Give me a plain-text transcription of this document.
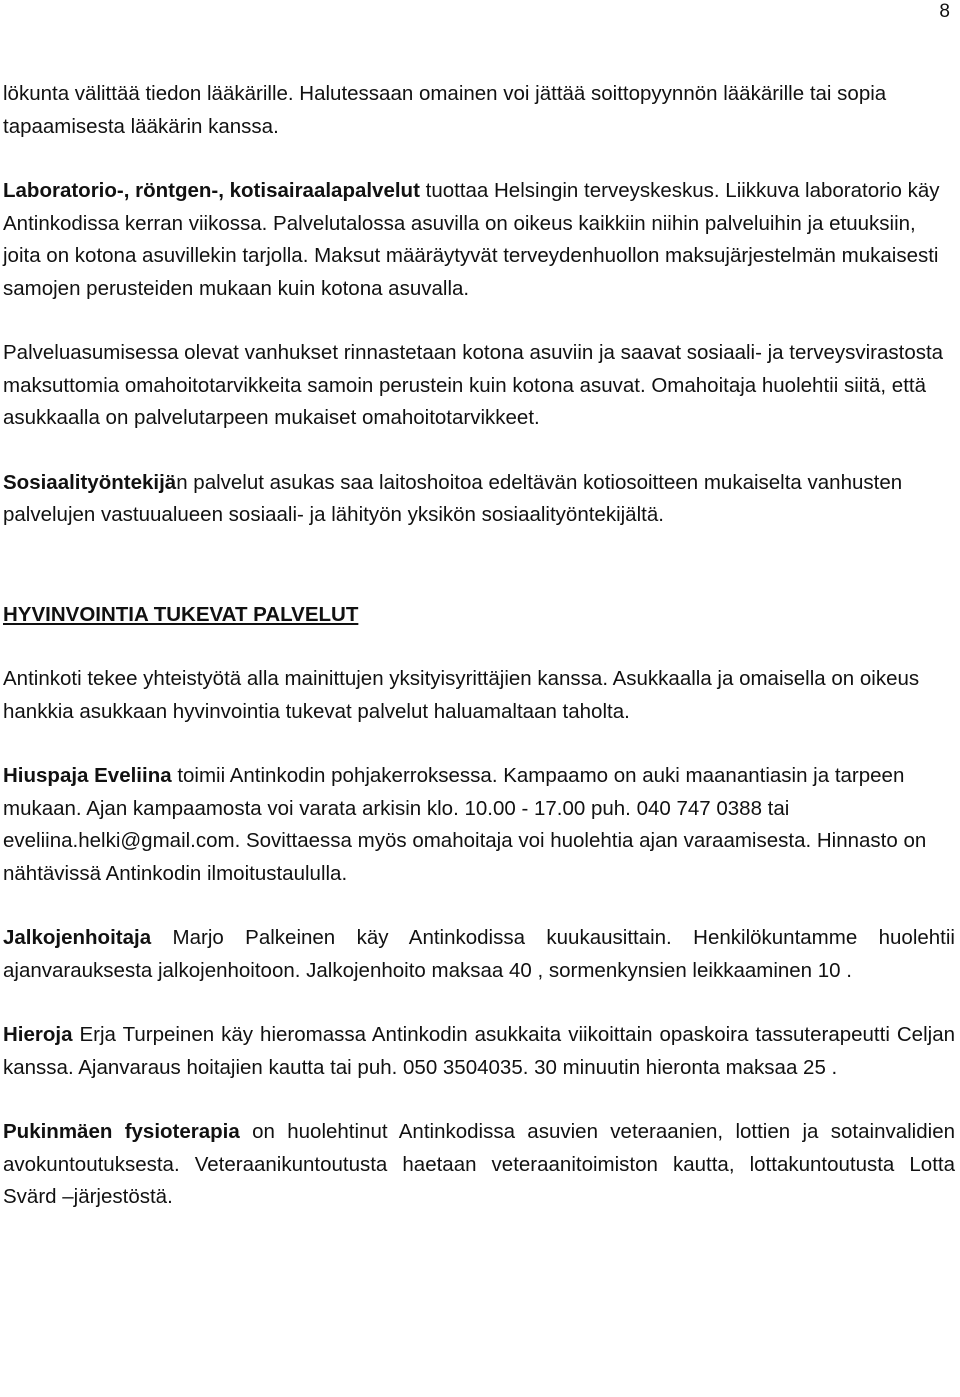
8

lökunta välittää tiedon lääkärille. Halutessaan omainen voi jättää soittopyynnön lääkärille tai sopia tapaamisesta lääkärin kanssa.

Laboratorio-, röntgen-, kotisairaalapalvelut tuottaa Helsingin terveyskeskus. Liikkuva laboratorio käy Antinkodissa kerran viikossa. Palvelutalossa asuvilla on oikeus kaikkiin niihin palveluihin ja etuuksiin, joita on kotona asuvillekin tarjolla. Maksut määräytyvät terveydenhuollon maksujärjestelmän mukaisesti samojen perusteiden mukaan kuin kotona asuvalla.

Palveluasumisessa olevat vanhukset rinnastetaan kotona asuviin ja saavat sosiaali- ja terveysvirastosta maksuttomia omahoitotarvikkeita samoin perustein kuin kotona asuvat. Omahoitaja huolehtii siitä, että asukkaalla on palvelutarpeen mukaiset omahoitotarvikkeet.

Sosiaalityöntekijän palvelut asukas saa laitoshoitoa edeltävän kotiosoitteen mukaiselta vanhusten palvelujen vastuualueen sosiaali- ja lähityön yksikön sosiaalityöntekijältä.

HYVINVOINTIA TUKEVAT PALVELUT

Antinkoti tekee yhteistyötä alla mainittujen yksityisyrittäjien kanssa. Asukkaalla ja omaisella on oikeus hankkia asukkaan hyvinvointia tukevat palvelut haluamaltaan taholta.

Hiuspaja Eveliina toimii Antinkodin pohjakerroksessa. Kampaamo on auki maanantiasin ja tarpeen mukaan. Ajan kampaamosta voi varata arkisin klo. 10.00 - 17.00 puh. 040 747 0388 tai eveliina.helki@gmail.com. Sovittaessa myös omahoitaja voi huolehtia ajan varaamisesta. Hinnasto on nähtävissä Antinkodin ilmoitustaululla.

Jalkojenhoitaja Marjo Palkeinen käy Antinkodissa kuukausittain. Henkilökuntamme huolehtii ajanvarauksesta jalkojenhoitoon. Jalkojenhoito maksaa 40 , sormenkynsien leikkaaminen 10 .

Hieroja Erja Turpeinen käy hieromassa Antinkodin asukkaita viikoittain opaskoira tassuterapeutti Celjan kanssa. Ajanvaraus hoitajien kautta tai puh. 050 3504035. 30 minuutin hieronta maksaa 25 .

Pukinmäen fysioterapia on huolehtinut Antinkodissa asuvien veteraanien, lottien ja sotainvalidien avokuntoutuksesta. Veteraanikuntoutusta haetaan veteraanitoimiston kautta, lottakuntoutusta Lotta Svärd –järjestöstä.
